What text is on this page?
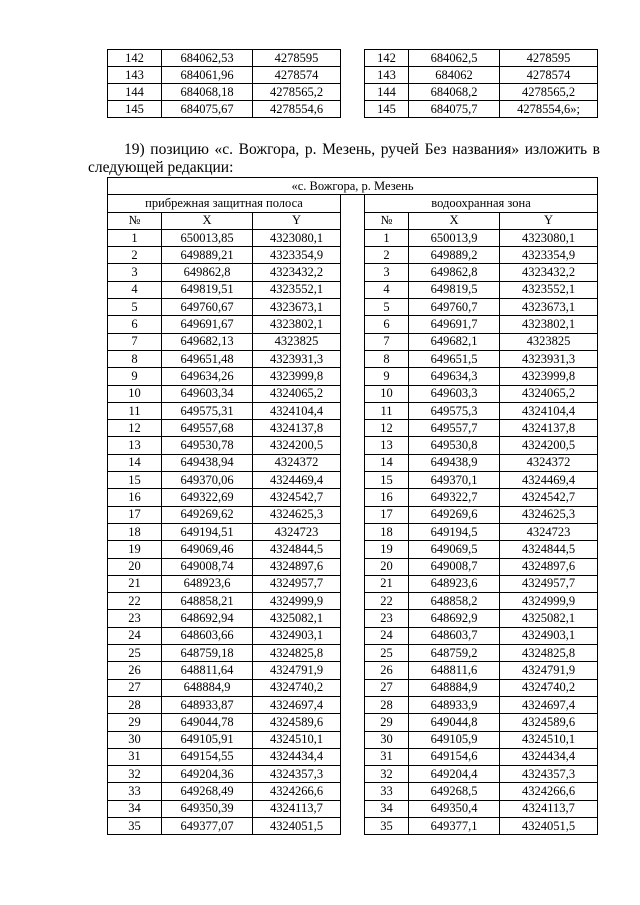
142	684062,53	4278595		142	684062,5	4278595
143	684061,96	4278574		143	684062	4278574
144	684068,18	4278565,2		144	684068,2	4278565,2
145	684075,67	4278554,6		145	684075,7	4278554,6»;
19) позицию «с. Вожгора, р. Мезень, ручей Без названия» изложить в
следующей редакции:
«с. Вожгора, р. Мезень						
прибрежная защитная полоса				водоохранная зона		
№	X	Y		№	X	Y
1	650013,85	4323080,1		1	650013,9	4323080,1
2	649889,21	4323354,9		2	649889,2	4323354,9
3	649862,8	4323432,2		3	649862,8	4323432,2
4	649819,51	4323552,1		4	649819,5	4323552,1
5	649760,67	4323673,1		5	649760,7	4323673,1
6	649691,67	4323802,1		6	649691,7	4323802,1
7	649682,13	4323825		7	649682,1	4323825
8	649651,48	4323931,3		8	649651,5	4323931,3
9	649634,26	4323999,8		9	649634,3	4323999,8
10	649603,34	4324065,2		10	649603,3	4324065,2
11	649575,31	4324104,4		11	649575,3	4324104,4
12	649557,68	4324137,8		12	649557,7	4324137,8
13	649530,78	4324200,5		13	649530,8	4324200,5
14	649438,94	4324372		14	649438,9	4324372
15	649370,06	4324469,4		15	649370,1	4324469,4
16	649322,69	4324542,7		16	649322,7	4324542,7
17	649269,62	4324625,3		17	649269,6	4324625,3
18	649194,51	4324723		18	649194,5	4324723
19	649069,46	4324844,5		19	649069,5	4324844,5
20	649008,74	4324897,6		20	649008,7	4324897,6
21	648923,6	4324957,7		21	648923,6	4324957,7
22	648858,21	4324999,9		22	648858,2	4324999,9
23	648692,94	4325082,1		23	648692,9	4325082,1
24	648603,66	4324903,1		24	648603,7	4324903,1
25	648759,18	4324825,8		25	648759,2	4324825,8
26	648811,64	4324791,9		26	648811,6	4324791,9
27	648884,9	4324740,2		27	648884,9	4324740,2
28	648933,87	4324697,4		28	648933,9	4324697,4
29	649044,78	4324589,6		29	649044,8	4324589,6
30	649105,91	4324510,1		30	649105,9	4324510,1
31	649154,55	4324434,4		31	649154,6	4324434,4
32	649204,36	4324357,3		32	649204,4	4324357,3
33	649268,49	4324266,6		33	649268,5	4324266,6
34	649350,39	4324113,7		34	649350,4	4324113,7
35	649377,07	4324051,5		35	649377,1	4324051,5
